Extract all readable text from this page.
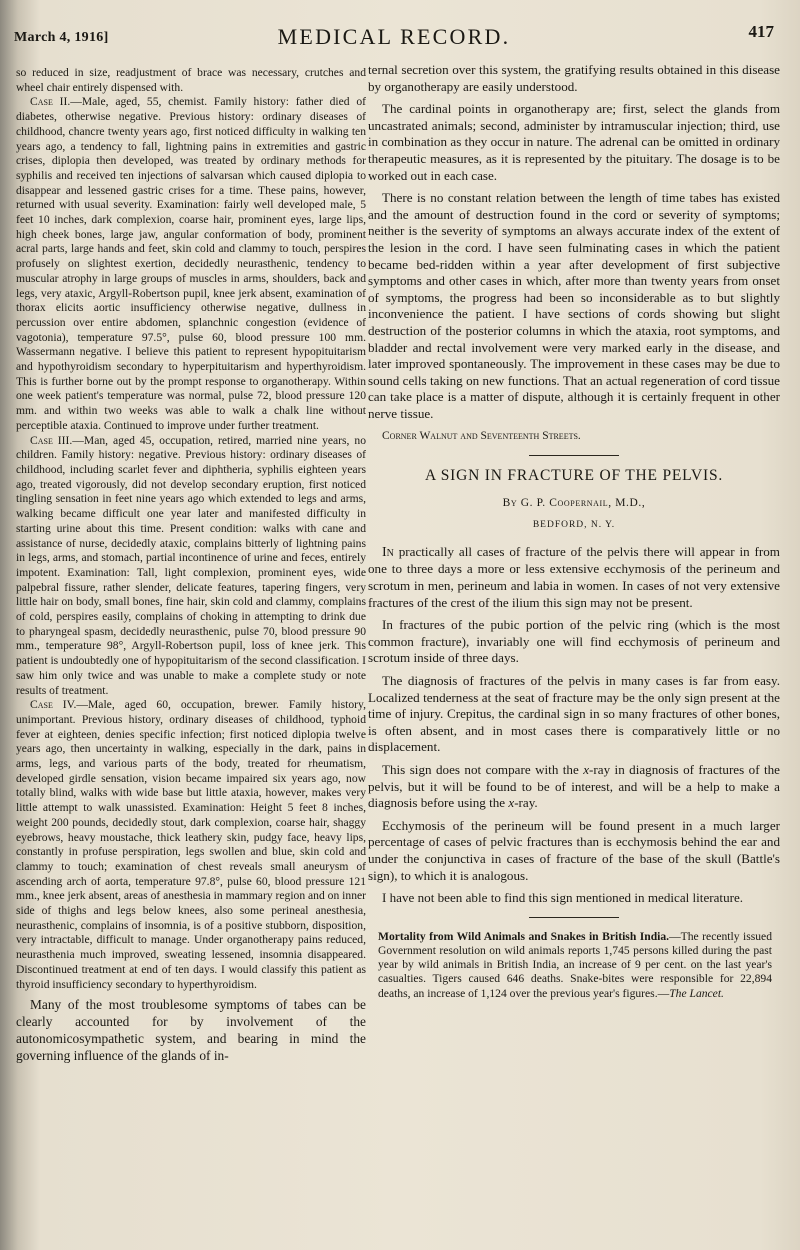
March 4, 1916]	MEDICAL RECORD.	417

so reduced in size, readjustment of brace was necessary, crutches and wheel chair entirely dispensed with.

Case II.—Male, aged, 55, chemist. Family history: father died of diabetes, otherwise negative. Previous history: ordinary diseases of childhood, chancre twenty years ago, first noticed difficulty in walking ten years ago, a tendency to fall, lightning pains in extremities and gastric crises, diplopia then developed, was treated by ordinary methods for syphilis and received ten injections of salvarsan which caused diplopia to disappear and lessened gastric crises for a time. These pains, however, returned with usual severity. Examination: fairly well developed male, 5 feet 10 inches, dark complexion, coarse hair, prominent eyes, large lips, high cheek bones, large jaw, angular conformation of body, prominent acral parts, large hands and feet, skin cold and clammy to touch, perspires profusely on slightest exertion, decidedly neurasthenic, tendency to muscular atrophy in large groups of muscles in arms, shoulders, back and legs, very ataxic, Argyll-Robertson pupil, knee jerk absent, examination of thorax elicits aortic insufficiency otherwise negative, dullness in percussion over entire abdomen, splanchnic congestion (evidence of vagotonia), temperature 97.5°, pulse 60, blood pressure 100 mm. Wassermann negative. I believe this patient to represent hypopituitarism and hypothyroidism secondary to hyperpituitarism and hyperthyroidism. This is further borne out by the prompt response to organotherapy. Within one week patient's temperature was normal, pulse 72, blood pressure 120 mm. and within two weeks was able to walk a chalk line without perceptible ataxia. Continued to improve under further treatment.

Case III.—Man, aged 45, occupation, retired, married nine years, no children. Family history: negative. Previous history: ordinary diseases of childhood, including scarlet fever and diphtheria, syphilis eighteen years ago, treated vigorously, did not develop secondary eruption, first noticed tingling sensation in feet nine years ago which extended to legs and arms, walking became difficult one year later and manifested difficulty in starting urine about this time. Present condition: walks with cane and assistance of nurse, decidedly ataxic, complains bitterly of lightning pains in legs, arms, and stomach, partial incontinence of urine and feces, entirely impotent. Examination: Tall, light complexion, prominent eyes, wide palpebral fissure, rather slender, delicate features, tapering fingers, very little hair on body, small bones, fine hair, skin cold and clammy, complains of cold, perspires easily, complains of choking in attempting to drink due to pharyngeal spasm, decidedly neurasthenic, pulse 70, blood pressure 90 mm., temperature 98°, Argyll-Robertson pupil, loss of knee jerk. This patient is undoubtedly one of hypopituitarism of the second classification. I saw him only twice and was unable to make a complete study or note results of treatment.

Case IV.—Male, aged 60, occupation, brewer. Family history, unimportant. Previous history, ordinary diseases of childhood, typhoid fever at eighteen, denies specific infection; first noticed diplopia twelve years ago, then uncertainty in walking, especially in the dark, pains in arms, legs, and various parts of the body, treated for rheumatism, developed girdle sensation, vision became impaired six years ago, now totally blind, walks with wide base but little ataxia, however, makes very little attempt to walk unassisted. Examination: Height 5 feet 8 inches, weight 200 pounds, decidedly stout, dark complexion, coarse hair, shaggy eyebrows, heavy moustache, thick leathery skin, pudgy face, heavy lips, constantly in profuse perspiration, legs swollen and blue, skin cold and clammy to touch; examination of chest reveals small aneurysm of ascending arch of aorta, temperature 97.8°, pulse 60, blood pressure 121 mm., knee jerk absent, areas of anesthesia in mammary region and on inner side of thighs and legs below knees, also some perineal anesthesia, neurasthenic, complains of insomnia, is of a positive stubborn, disposition, very intractable, difficult to manage. Under organotherapy pains reduced, neurasthenia much improved, sweating lessened, insomnia disappeared. Discontinued treatment at end of ten days. I would classify this patient as thyroid insufficiency secondary to hyperthyroidism.

Many of the most troublesome symptoms of tabes can be clearly accounted for by involvement of the autonomicosympathetic system, and bearing in mind the governing influence of the glands of in-

ternal secretion over this system, the gratifying results obtained in this disease by organotherapy are easily understood.

The cardinal points in organotherapy are; first, select the glands from uncastrated animals; second, administer by intramuscular injection; third, use in combination as they occur in nature. The adrenal can be omitted in ordinary therapeutic measures, as it is represented by the pituitary. The dosage is to be worked out in each case.

There is no constant relation between the length of time tabes has existed and the amount of destruction found in the cord or severity of symptoms; neither is the severity of symptoms an always accurate index of the extent of the lesion in the cord. I have seen fulminating cases in which the patient became bed-ridden within a year after development of first subjective symptoms and other cases in which, after more than twenty years from onset of symptoms, the progress had been so inconsiderable as to but slightly inconvenience the patient. I have sections of cords showing but slight destruction of the posterior columns in which the ataxia, root symptoms, and bladder and rectal involvement were very marked early in the disease, and later improved spontaneously. The improvement in these cases may be due to sound cells taking on new functions. That an actual regeneration of cord tissue can take place is a matter of dispute, although it is certainly frequent in other nerve tissue.

Corner Walnut and Seventeenth Streets.
A SIGN IN FRACTURE OF THE PELVIS.
By G. P. Coopernail, M.D.,
BEDFORD, N. Y.

In practically all cases of fracture of the pelvis there will appear in from one to three days a more or less extensive ecchymosis of the perineum and scrotum in men, perineum and labia in women. In cases of not very extensive fractures of the crest of the ilium this sign may not be present.

In fractures of the pubic portion of the pelvic ring (which is the most common fracture), invariably one will find ecchymosis of perineum and scrotum inside of three days.

The diagnosis of fractures of the pelvis in many cases is far from easy. Localized tenderness at the seat of fracture may be the only sign present at the time of injury. Crepitus, the cardinal sign in so many fractures of other bones, is often absent, and in most cases there is comparatively little or no displacement.

This sign does not compare with the x-ray in diagnosis of fractures of the pelvis, but it will be found to be of interest, and will be a help to make a diagnosis before using the x-ray.

Ecchymosis of the perineum will be found present in a much larger percentage of cases of pelvic fractures than is ecchymosis behind the ear and under the conjunctiva in cases of fracture of the base of the skull (Battle's sign), to which it is analogous.

I have not been able to find this sign mentioned in medical literature.

Mortality from Wild Animals and Snakes in British India.—The recently issued Government resolution on wild animals reports 1,745 persons killed during the past year by wild animals in British India, an increase of 9 per cent. on the last year's casualties. Tigers caused 646 deaths. Snake-bites were responsible for 22,894 deaths, an increase of 1,124 over the previous year's figures.—The Lancet.
